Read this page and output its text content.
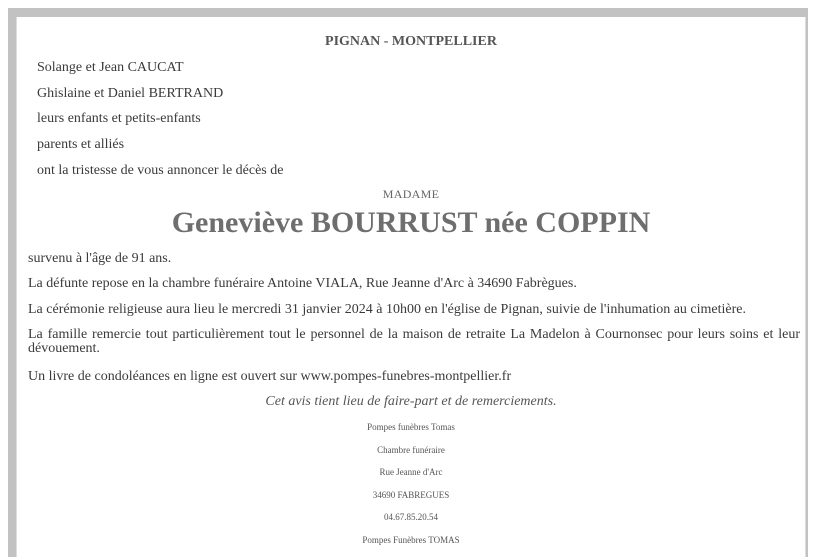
PIGNAN - MONTPELLIER
Solange et Jean CAUCAT
Ghislaine et Daniel BERTRAND
leurs enfants et petits-enfants
parents et alliés
ont la tristesse de vous annoncer le décès de
MADAME
Geneviève BOURRUST née COPPIN
survenu à l'âge de 91 ans.
La défunte repose en la chambre funéraire Antoine VIALA, Rue Jeanne d'Arc à 34690 Fabrègues.
La cérémonie religieuse aura lieu le mercredi 31 janvier 2024 à 10h00 en l'église de Pignan, suivie de l'inhumation au cimetière.
La famille remercie tout particulièrement tout le personnel de la maison de retraite La Madelon à Cournonsec pour leurs soins et leur dévouement.
Un livre de condoléances en ligne est ouvert sur www.pompes-funebres-montpellier.fr
Cet avis tient lieu de faire-part et de remerciements.
Pompes funèbres Tomas
Chambre funéraire
Rue Jeanne d'Arc
34690 FABREGUES
04.67.85.20.54
Pompes Funèbres TOMAS
